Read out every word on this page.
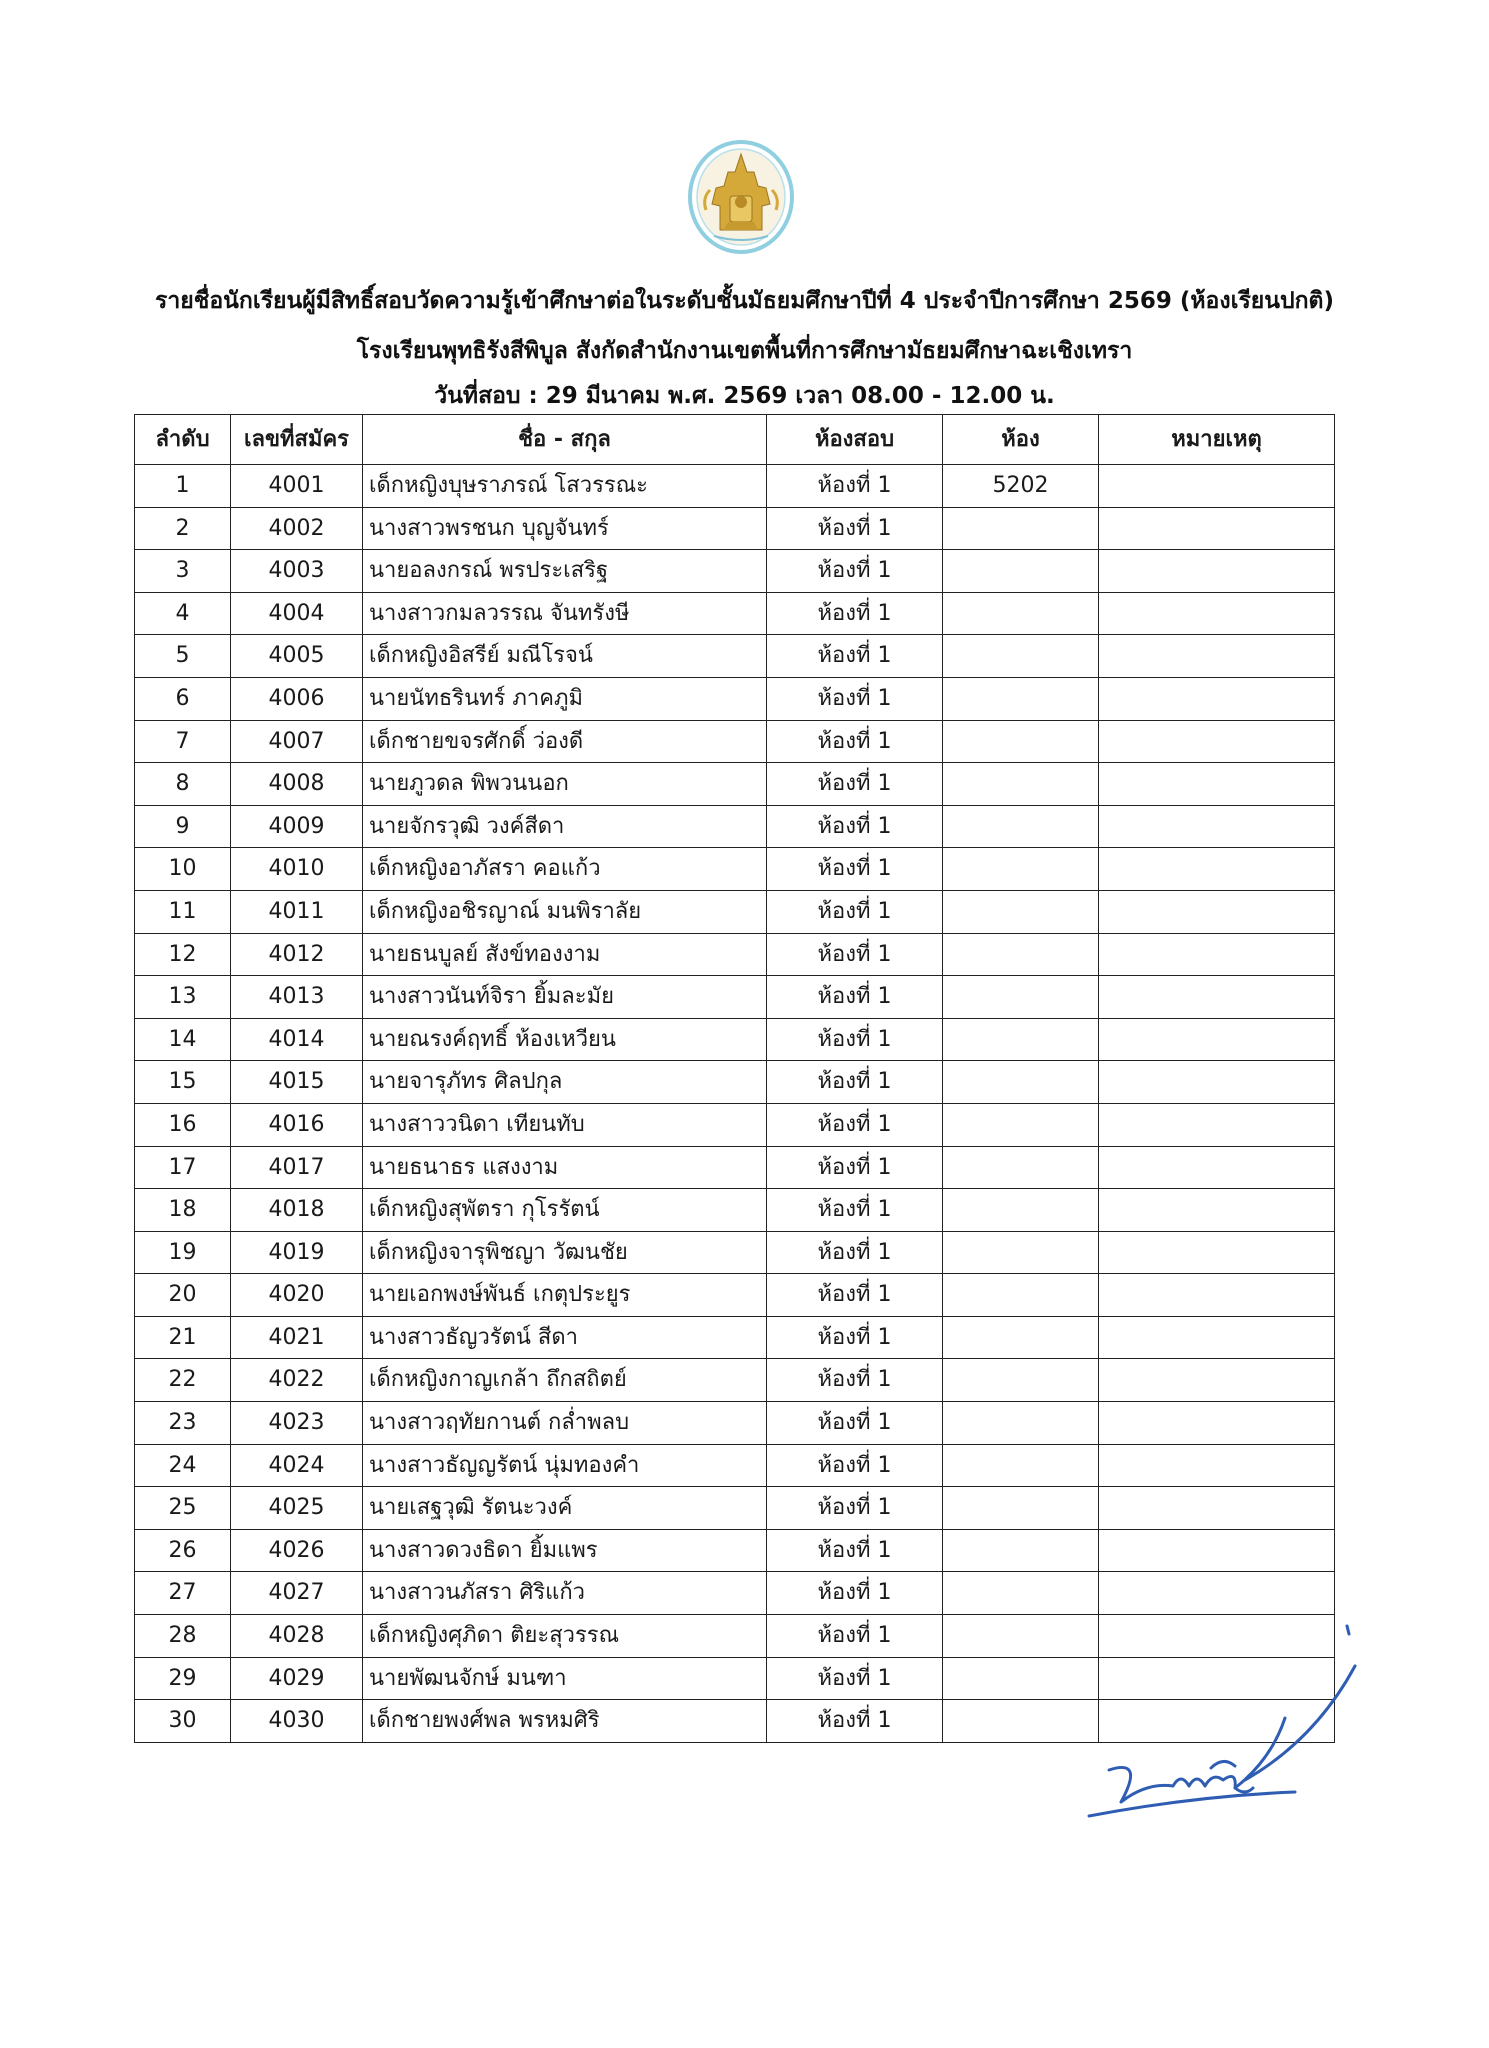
รายชื่อนักเรียนผู้มีสิทธิ์สอบวัดความรู้เข้าศึกษาต่อในระดับชั้นมัธยมศึกษาปีที่ 4 ประจำปีการศึกษา 2569 (ห้องเรียนปกติ)
โรงเรียนพุทธิรังสีพิบูล สังกัดสำนักงานเขตพื้นที่การศึกษามัธยมศึกษาฉะเชิงเทรา
วันที่สอบ : 29 มีนาคม พ.ศ. 2569 เวลา 08.00 - 12.00 น.
ลำดับ	เลขที่สมัคร	ชื่อ - สกุล	ห้องสอบ	ห้อง	หมายเหตุ
1	4001	เด็กหญิงบุษราภรณ์ โสวรรณะ	ห้องที่ 1	5202	
2	4002	นางสาวพรชนก บุญจันทร์	ห้องที่ 1		
3	4003	นายอลงกรณ์ พรประเสริฐ	ห้องที่ 1		
4	4004	นางสาวกมลวรรณ จันทรังษี	ห้องที่ 1		
5	4005	เด็กหญิงอิสรีย์ มณีโรจน์	ห้องที่ 1		
6	4006	นายนัทธรินทร์ ภาคภูมิ	ห้องที่ 1		
7	4007	เด็กชายขจรศักดิ์ ว่องดี	ห้องที่ 1		
8	4008	นายภูวดล พิพวนนอก	ห้องที่ 1		
9	4009	นายจักรวุฒิ วงค์สีดา	ห้องที่ 1		
10	4010	เด็กหญิงอาภัสรา คอแก้ว	ห้องที่ 1		
11	4011	เด็กหญิงอชิรญาณ์ มนพิราลัย	ห้องที่ 1		
12	4012	นายธนบูลย์ สังข์ทองงาม	ห้องที่ 1		
13	4013	นางสาวนันท์จิรา ยิ้มละมัย	ห้องที่ 1		
14	4014	นายณรงค์ฤทธิ์ ห้องเหวียน	ห้องที่ 1		
15	4015	นายจารุภัทร ศิลปกุล	ห้องที่ 1		
16	4016	นางสาววนิดา เทียนทับ	ห้องที่ 1		
17	4017	นายธนาธร แสงงาม	ห้องที่ 1		
18	4018	เด็กหญิงสุพัตรา กุโรรัตน์	ห้องที่ 1		
19	4019	เด็กหญิงจารุพิชญา วัฒนชัย	ห้องที่ 1		
20	4020	นายเอกพงษ์พันธ์ เกตุประยูร	ห้องที่ 1		
21	4021	นางสาวธัญวรัตน์ สีดา	ห้องที่ 1		
22	4022	เด็กหญิงกาญเกล้า ถึกสถิตย์	ห้องที่ 1		
23	4023	นางสาวฤทัยกานต์ กล่ำพลบ	ห้องที่ 1		
24	4024	นางสาวธัญญรัตน์ นุ่มทองคำ	ห้องที่ 1		
25	4025	นายเสฐวุฒิ รัตนะวงค์	ห้องที่ 1		
26	4026	นางสาวดวงธิดา ยิ้มแพร	ห้องที่ 1		
27	4027	นางสาวนภัสรา ศิริแก้ว	ห้องที่ 1		
28	4028	เด็กหญิงศุภิดา ติยะสุวรรณ	ห้องที่ 1		
29	4029	นายพัฒนจักษ์ มนฑา	ห้องที่ 1		
30	4030	เด็กชายพงศ์พล พรหมศิริ	ห้องที่ 1		
